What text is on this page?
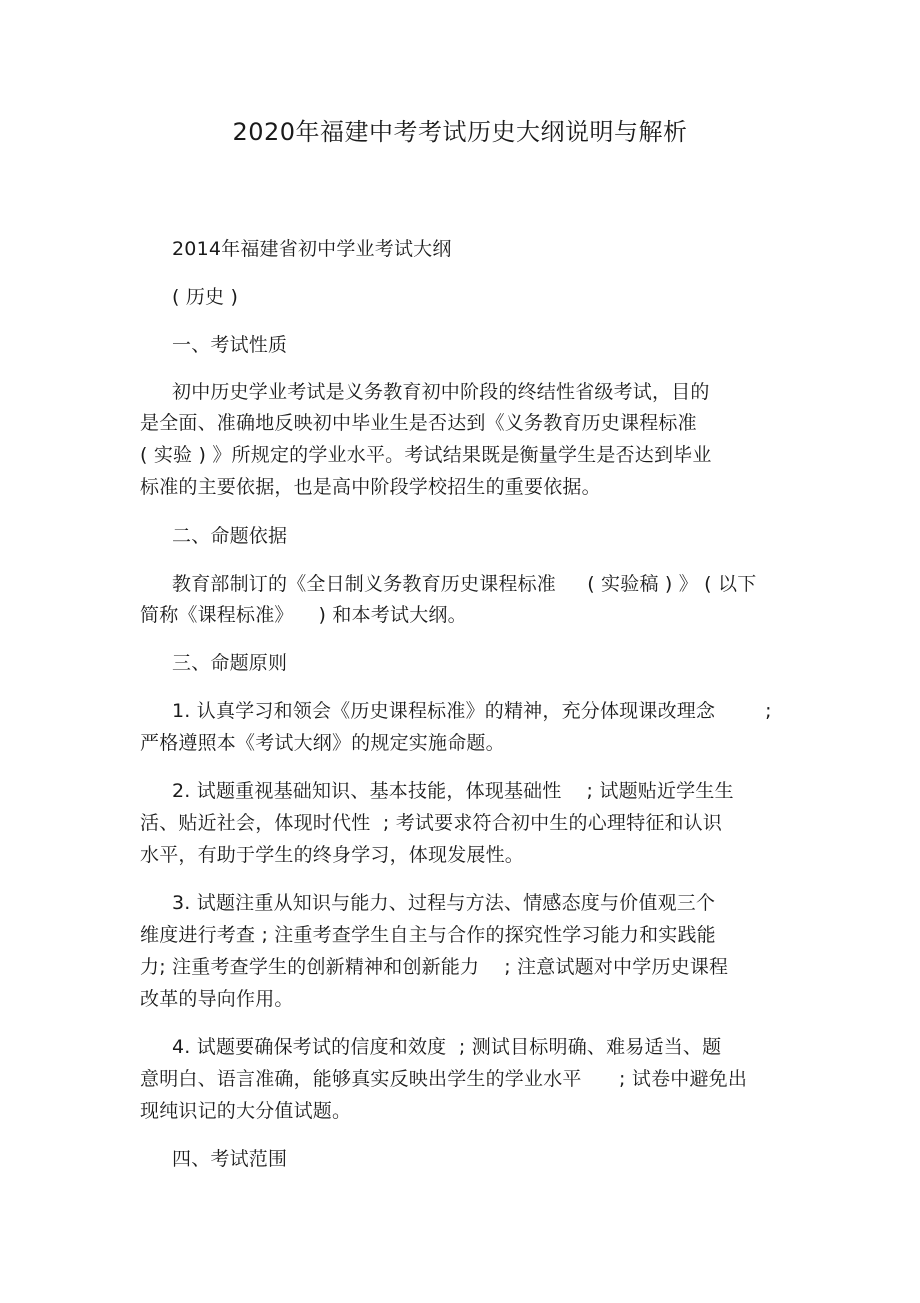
2020年福建中考考试历史大纲说明与解析
2014年福建省初中学业考试大纲
( 历史 )
一、考试性质
初中历史学业考试是义务教育初中阶段的终结性省级考试，目的
是全面、准确地反映初中毕业生是否达到《义务教育历史课程标准
( 实验 ) 》所规定的学业水平。考试结果既是衡量学生是否达到毕业
标准的主要依据，也是高中阶段学校招生的重要依据。
二、命题依据
教育部制订的《全日制义务教育历史课程标准     ( 实验稿 ) 》 ( 以下
简称《课程标准》    ) 和本考试大纲。
三、命题原则
1. 认真学习和领会《历史课程标准》的精神，充分体现课改理念        ;
严格遵照本《考试大纲》的规定实施命题。
2. 试题重视基础知识、基本技能，体现基础性    ; 试题贴近学生生
活、贴近社会，体现时代性  ; 考试要求符合初中生的心理特征和认识
水平，有助于学生的终身学习，体现发展性。
3. 试题注重从知识与能力、过程与方法、情感态度与价值观三个
维度进行考查 ; 注重考查学生自主与合作的探究性学习能力和实践能
力; 注重考查学生的创新精神和创新能力    ; 注意试题对中学历史课程
改革的导向作用。
4. 试题要确保考试的信度和效度  ; 测试目标明确、难易适当、题
意明白、语言准确，能够真实反映出学生的学业水平      ; 试卷中避免出
现纯识记的大分值试题。
四、考试范围
